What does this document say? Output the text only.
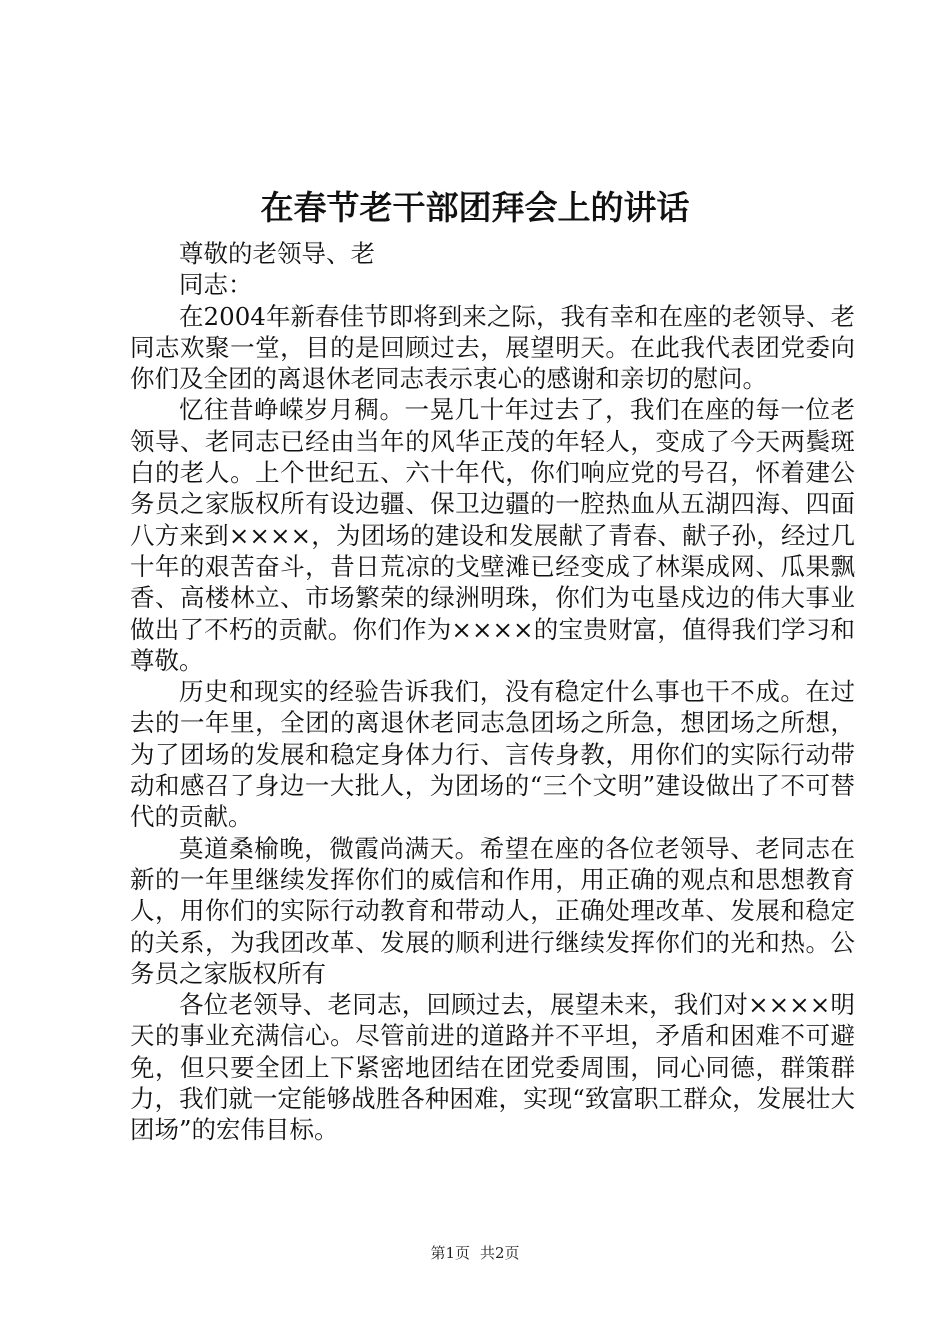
在春节老干部团拜会上的讲话

尊敬的老领导、老

同志：

在2004年新春佳节即将到来之际，我有幸和在座的老领导、老同志欢聚一堂，目的是回顾过去，展望明天。在此我代表团党委向你们及全团的离退休老同志表示衷心的感谢和亲切的慰问。

忆往昔峥嵘岁月稠。一晃几十年过去了，我们在座的每一位老领导、老同志已经由当年的风华正茂的年轻人，变成了今天两鬓斑白的老人。上个世纪五、六十年代，你们响应党的号召，怀着建公务员之家版权所有设边疆、保卫边疆的一腔热血从五湖四海、四面八方来到××××，为团场的建设和发展献了青春、献子孙，经过几十年的艰苦奋斗，昔日荒凉的戈壁滩已经变成了林渠成网、瓜果飘香、高楼林立、市场繁荣的绿洲明珠，你们为屯垦戍边的伟大事业做出了不朽的贡献。你们作为××××的宝贵财富，值得我们学习和尊敬。

历史和现实的经验告诉我们，没有稳定什么事也干不成。在过去的一年里，全团的离退休老同志急团场之所急，想团场之所想，为了团场的发展和稳定身体力行、言传身教，用你们的实际行动带动和感召了身边一大批人，为团场的“三个文明”建设做出了不可替代的贡献。

莫道桑榆晚，微霞尚满天。希望在座的各位老领导、老同志在新的一年里继续发挥你们的威信和作用，用正确的观点和思想教育人，用你们的实际行动教育和带动人，正确处理改革、发展和稳定的关系，为我团改革、发展的顺利进行继续发挥你们的光和热。公务员之家版权所有

各位老领导、老同志，回顾过去，展望未来，我们对××××明天的事业充满信心。尽管前进的道路并不平坦，矛盾和困难不可避免，但只要全团上下紧密地团结在团党委周围，同心同德，群策群力，我们就一定能够战胜各种困难，实现“致富职工群众，发展壮大团场”的宏伟目标。

第1页 共2页
